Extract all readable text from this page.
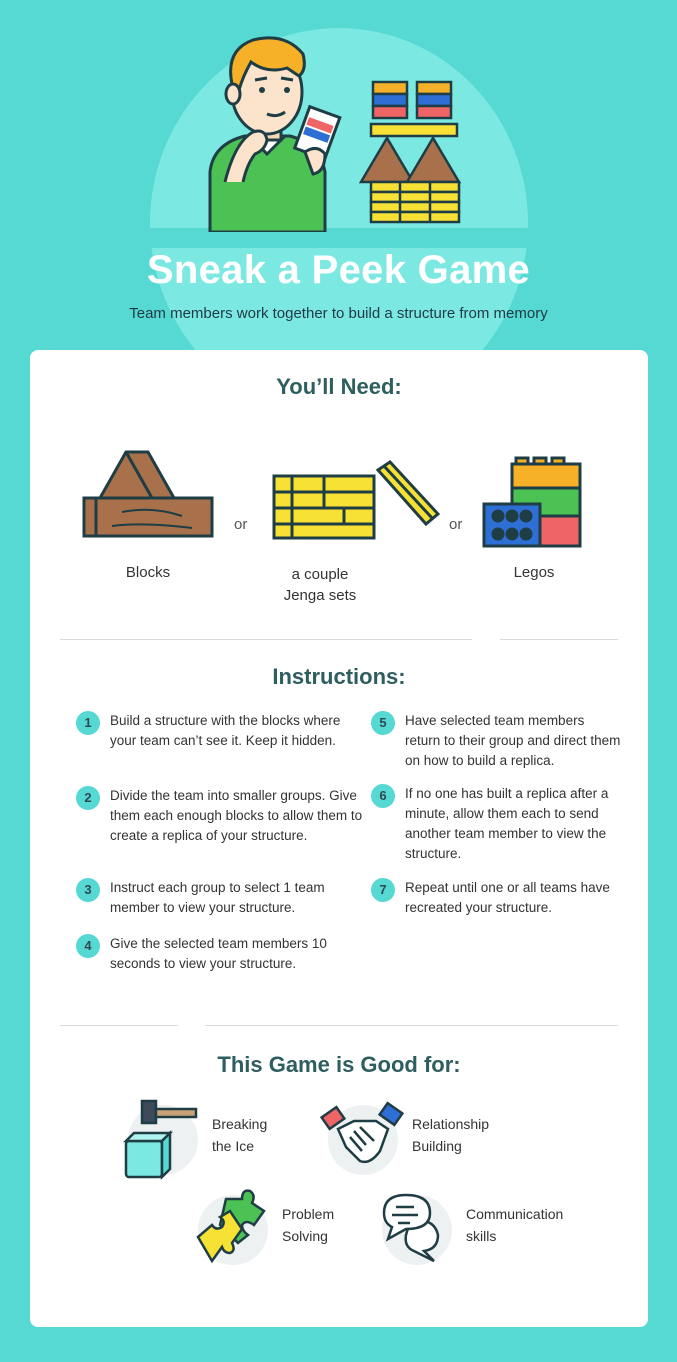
Sneak a Peek Game
Team members work together to build a structure from memory
You’ll Need:
or	or
Blocks	a couple
Jenga sets
Legos
Instructions:
1	Build a structure with the blocks where your team can’t see it. Keep it hidden.
2	Divide the team into smaller groups. Give them each enough blocks to allow them to create a replica of your structure.
3	Instruct each group to select 1 team member to view your structure.
4	Give the selected team members 10 seconds to view your structure.
5	Have selected team members return to their group and direct them on how to build a replica.
6	If no one has built a replica after a minute, allow them each to send another team member to view the structure.
7	Repeat until one or all teams have recreated your structure.
This Game is Good for:
Breaking
the Ice
Relationship
Building
Problem
Solving
Communication
skills
